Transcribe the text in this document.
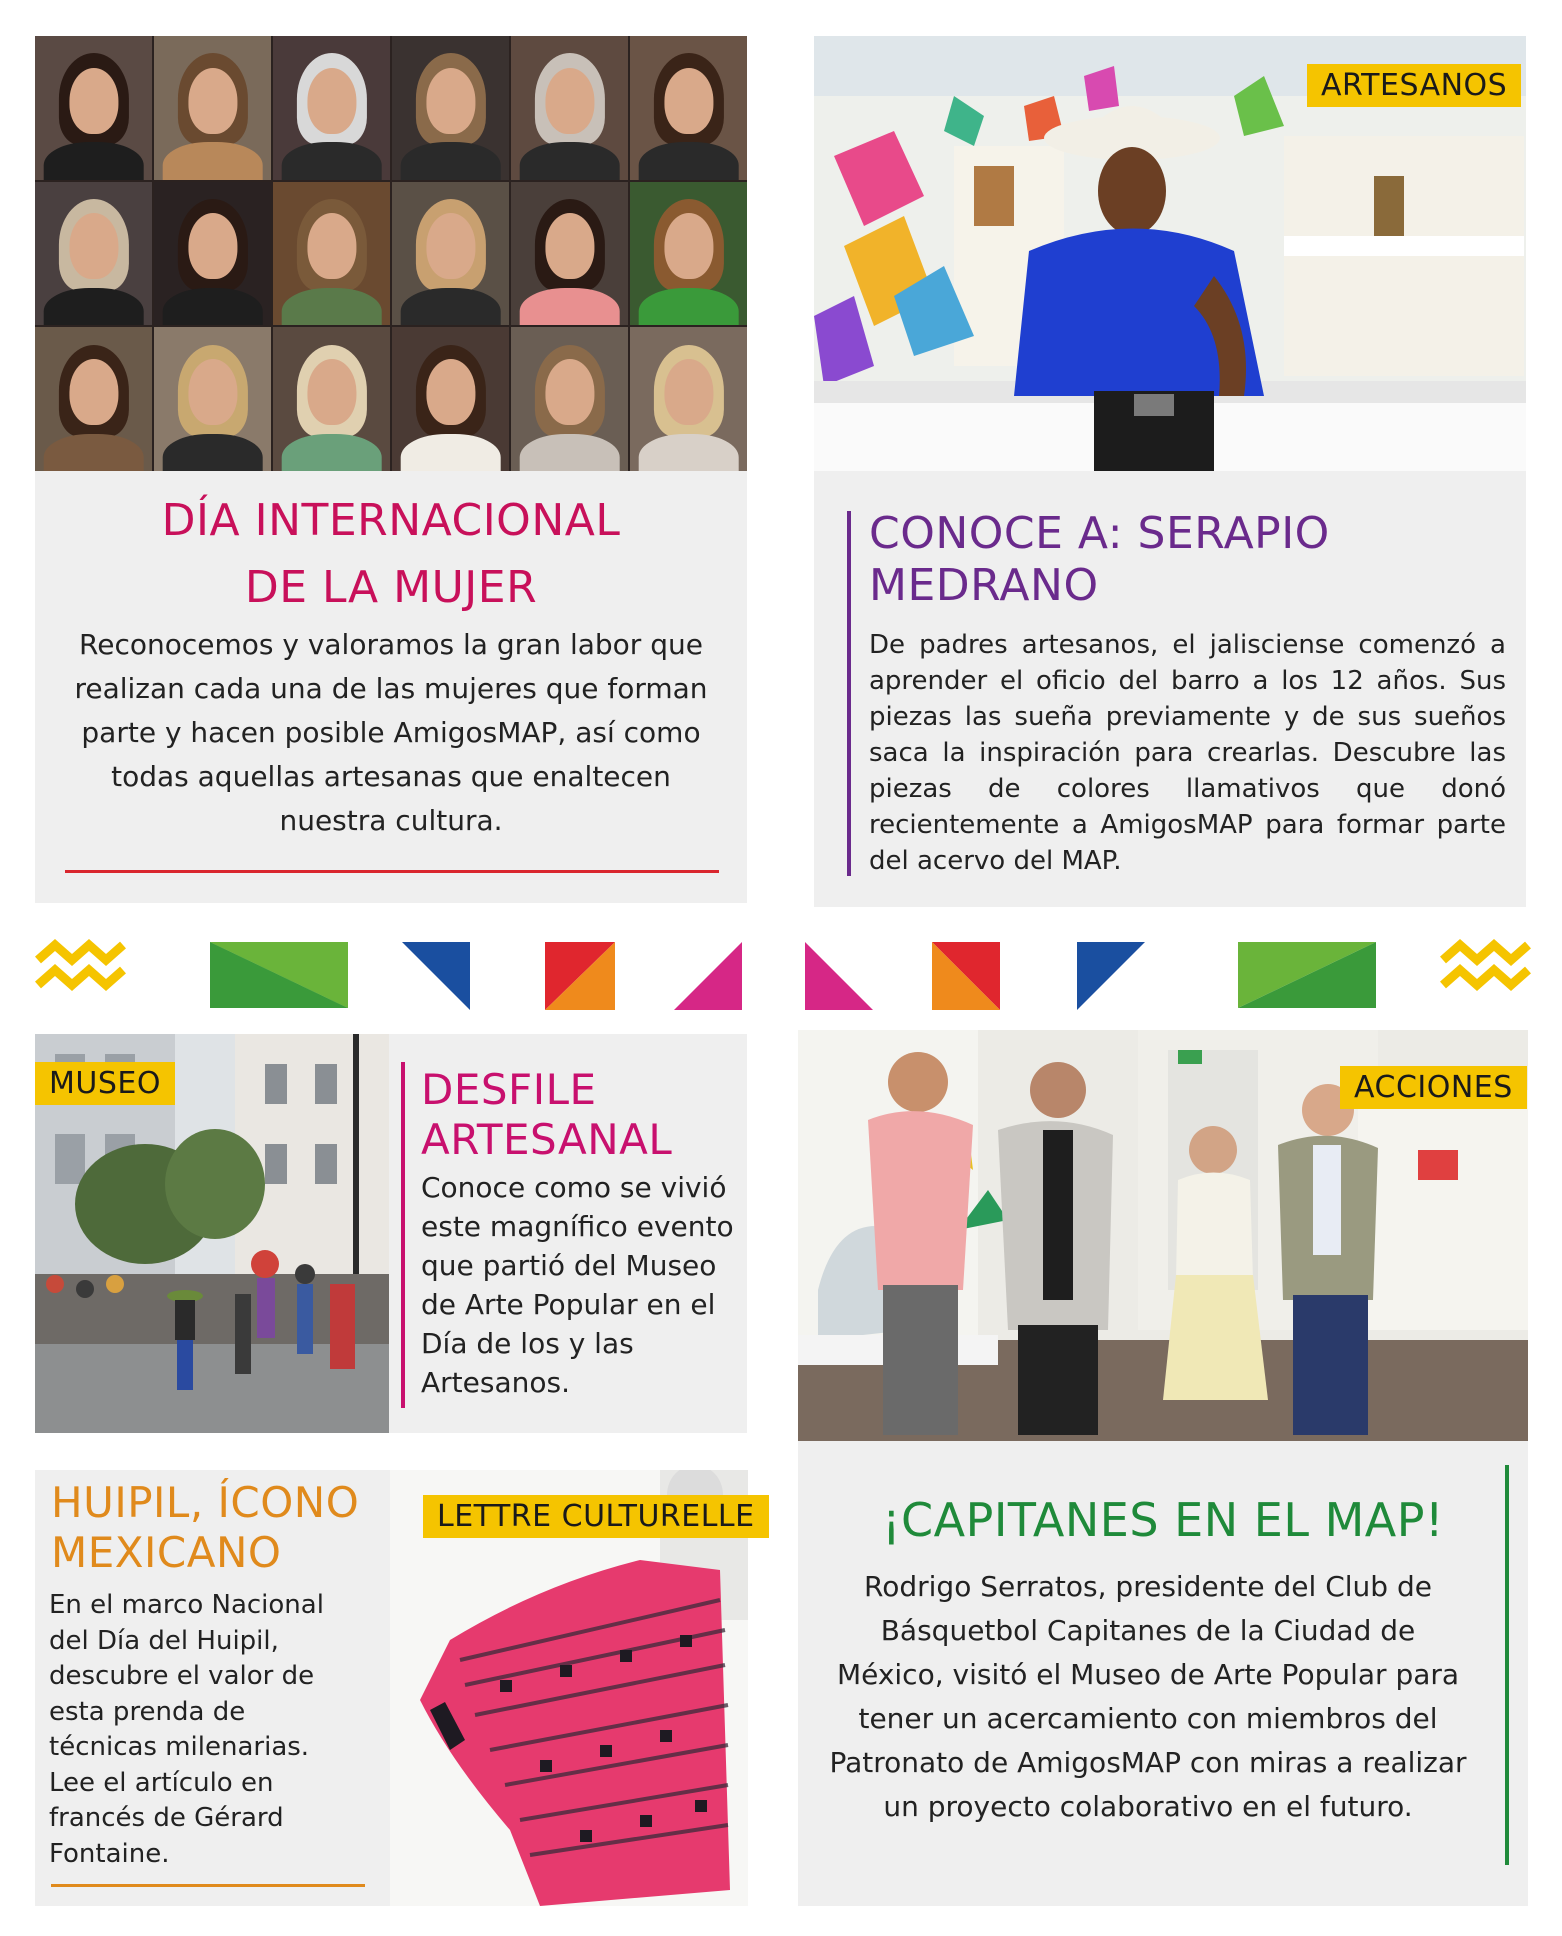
DÍA INTERNACIONAL
DE LA MUJER
Reconocemos y valoramos la gran labor que realizan cada una de las mujeres que forman parte y hacen posible AmigosMAP, así como todas aquellas artesanas que enaltecen nuestra cultura.
ARTESANOS
CONOCE A: SERAPIO MEDRANO
De padres artesanos, el jalisciense comenzó a aprender el oficio del barro a los 12 años. Sus piezas las sueña previamente y de sus sueños saca la inspiración para crearlas. Descubre las piezas de colores llamativos que donó recientemente a AmigosMAP para formar parte del acervo del MAP.
MUSEO	DESFILE ARTESANAL
Conoce como se vivió este magnífico evento que partió del Museo de Arte Popular en el Día de los y las Artesanos.
ACCIONES
HUIPIL, ÍCONO MEXICANO
En el marco Nacional del Día del Huipil, descubre el valor de esta prenda de técnicas milenarias. Lee el artículo en francés de Gérard Fontaine.
LETTRE CULTURELLE	¡CAPITANES EN EL MAP!
Rodrigo Serratos, presidente del Club de Básquetbol Capitanes de la Ciudad de México, visitó el Museo de Arte Popular para tener un acercamiento con miembros del Patronato de AmigosMAP con miras a realizar un proyecto colaborativo en el futuro.
